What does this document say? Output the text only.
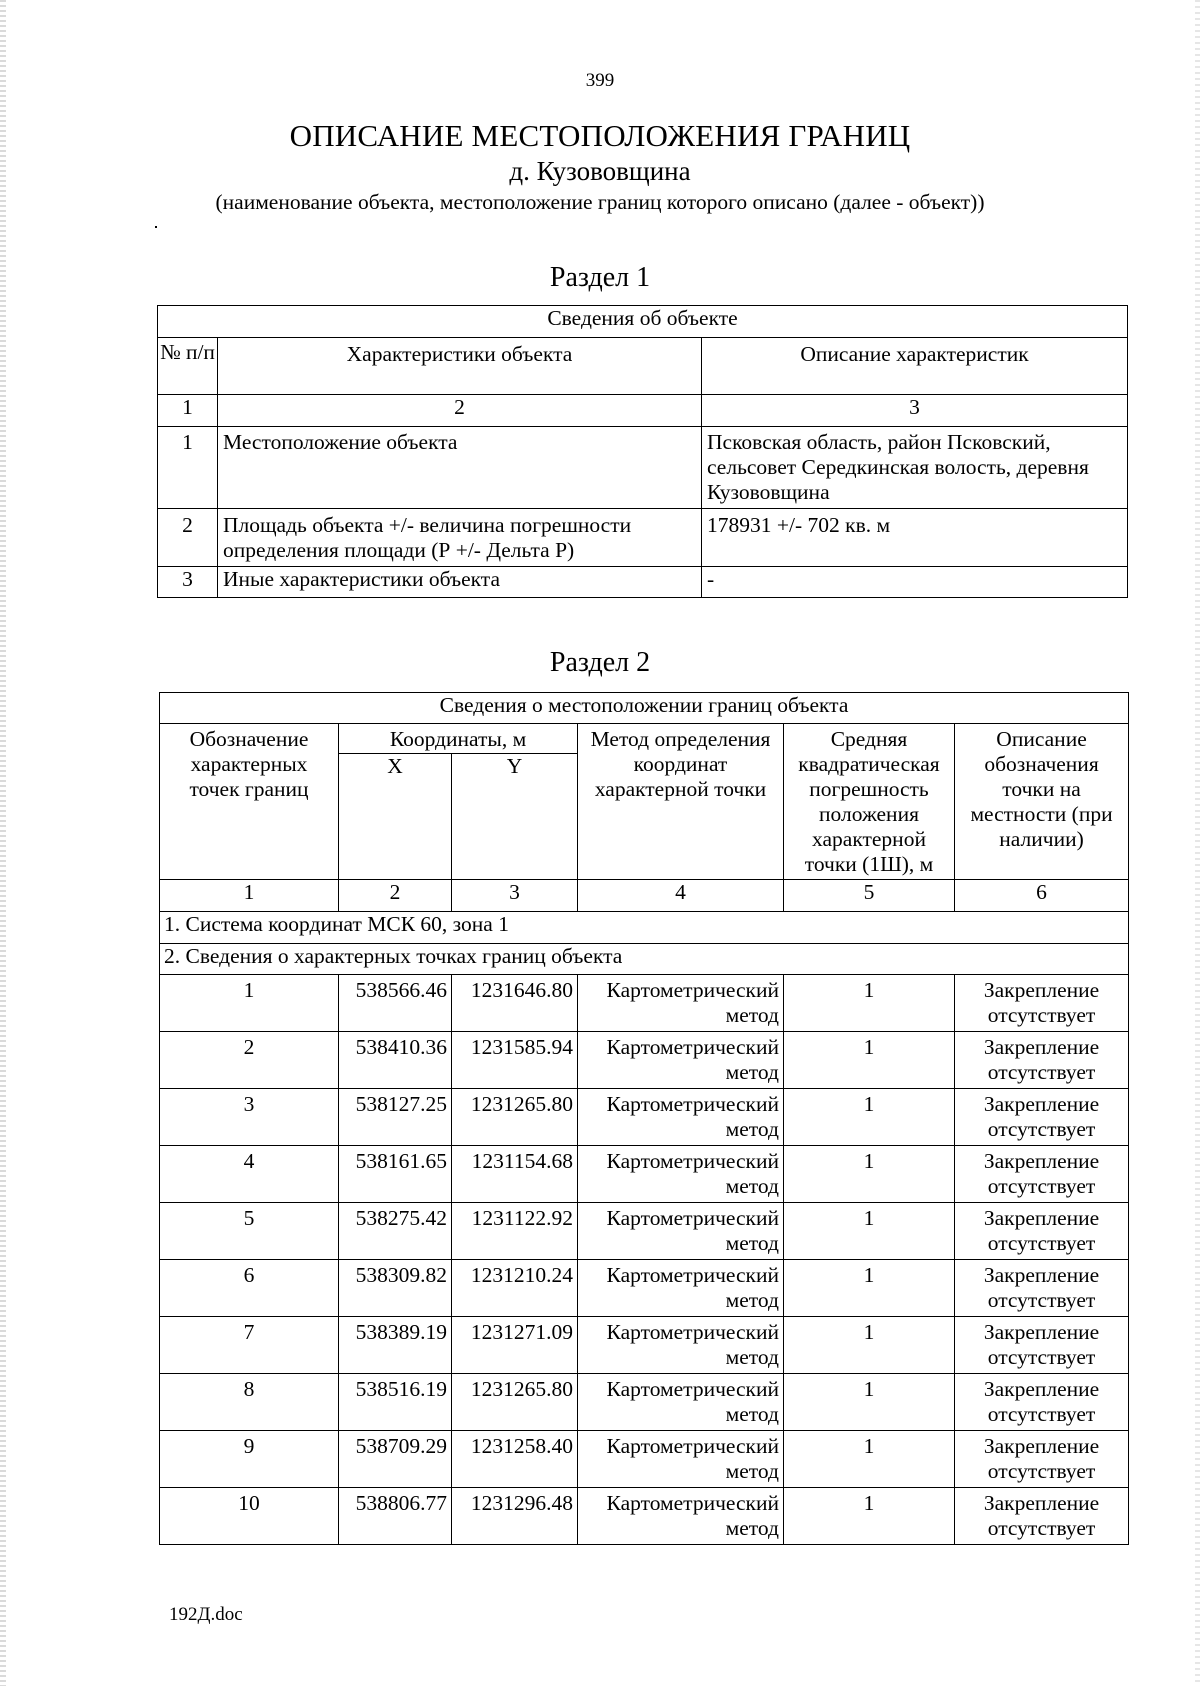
399
ОПИСАНИЕ МЕСТОПОЛОЖЕНИЯ ГРАНИЦ
д. Кузововщина
(наименование объекта, местоположение границ которого описано (далее - объект))
Раздел 1
Сведения об объекте		
№ п/п	Характеристики объекта	Описание характеристик
1	2	3
1	Местоположение объекта	Псковская область, район Псковский, сельсовет Середкинская волость, деревня Кузововщина
2	Площадь объекта +/- величина погрешности определения площади (Р +/- Дельта Р)	178931 +/- 702 кв. м
3	Иные характеристики объекта	-
Раздел 2
Сведения о местоположении границ объекта					
Обозначение характерных точек границ	Координаты, м		Метод определения координат характерной точки	Средняя квадратическая погрешность положения характерной точки (1Ш), м	Описание обозначения точки на местности (при наличии)
	X	Y			
1	2	3	4	5	6
1. Система координат МСК 60, зона 1					
2. Сведения о характерных точках границ объекта					
1	538566.46	1231646.80	Картометрический метод	1	Закрепление отсутствует
2	538410.36	1231585.94	Картометрический метод	1	Закрепление отсутствует
3	538127.25	1231265.80	Картометрический метод	1	Закрепление отсутствует
4	538161.65	1231154.68	Картометрический метод	1	Закрепление отсутствует
5	538275.42	1231122.92	Картометрический метод	1	Закрепление отсутствует
6	538309.82	1231210.24	Картометрический метод	1	Закрепление отсутствует
7	538389.19	1231271.09	Картометрический метод	1	Закрепление отсутствует
8	538516.19	1231265.80	Картометрический метод	1	Закрепление отсутствует
9	538709.29	1231258.40	Картометрический метод	1	Закрепление отсутствует
10	538806.77	1231296.48	Картометрический метод	1	Закрепление отсутствует
192Д.doc
